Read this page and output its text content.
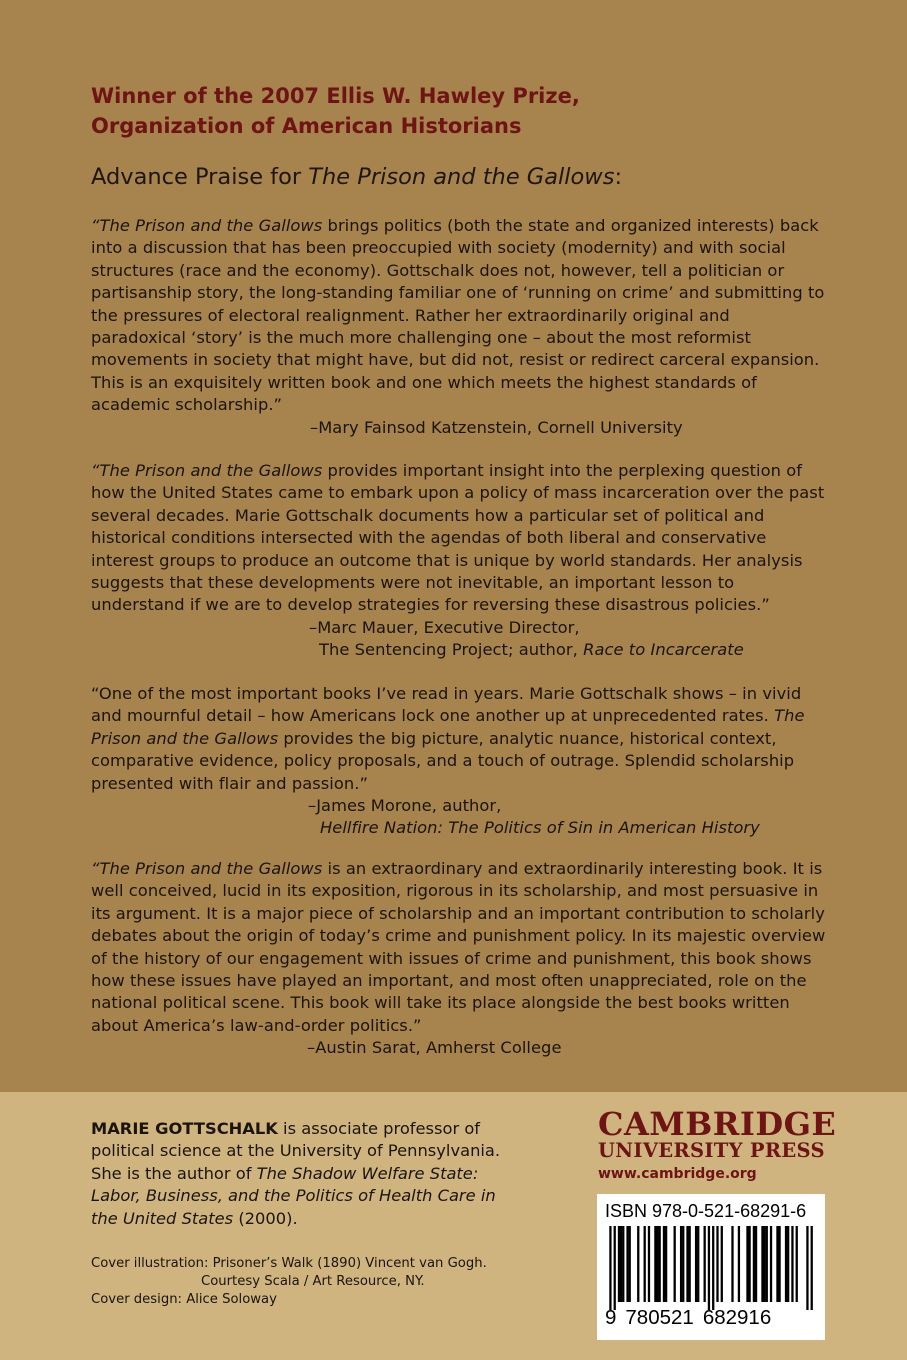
Winner of the 2007 Ellis W. Hawley Prize,
Organization of American Historians
Advance Praise for The Prison and the Gallows:

“The Prison and the Gallows brings politics (both the state and organized interests) back into a discussion that has been preoccupied with society (modernity) and with social structures (race and the economy). Gottschalk does not, however, tell a politician or partisanship story, the long-standing familiar one of ‘running on crime’ and submitting to the pressures of electoral realignment. Rather her extraordinarily original and paradoxical ‘story’ is the much more challenging one – about the most reformist movements in society that might have, but did not, resist or redirect carceral expansion. This is an exquisitely written book and one which meets the highest standards of academic scholarship.”

–Mary Fainsod Katzenstein, Cornell University

“The Prison and the Gallows provides important insight into the perplexing question of how the United States came to embark upon a policy of mass incarceration over the past several decades. Marie Gottschalk documents how a particular set of political and historical conditions intersected with the agendas of both liberal and conservative interest groups to produce an outcome that is unique by world standards. Her analysis suggests that these developments were not inevitable, an important lesson to understand if we are to develop strategies for reversing these disastrous policies.”

–Marc Mauer, Executive Director,
The Sentencing Project; author, Race to Incarcerate

“One of the most important books I’ve read in years. Marie Gottschalk shows – in vivid and mournful detail – how Americans lock one another up at unprecedented rates. The Prison and the Gallows provides the big picture, analytic nuance, historical context, comparative evidence, policy proposals, and a touch of outrage. Splendid scholarship presented with flair and passion.”

–James Morone, author,
Hellfire Nation: The Politics of Sin in American History

“The Prison and the Gallows is an extraordinary and extraordinarily interesting book. It is well conceived, lucid in its exposition, rigorous in its scholarship, and most persuasive in its argument. It is a major piece of scholarship and an important contribution to scholarly debates about the origin of today’s crime and punishment policy. In its majestic overview of the history of our engagement with issues of crime and punishment, this book shows how these issues have played an important, and most often unappreciated, role on the national political scene. This book will take its place alongside the best books written about America’s law-and-order politics.”

–Austin Sarat, Amherst College
MARIE GOTTSCHALK is associate professor of political science at the University of Pennsylvania. She is the author of The Shadow Welfare State: Labor, Business, and the Politics of Health Care in the United States (2000).
Cover illustration: Prisoner’s Walk (1890) Vincent van Gogh.
Courtesy Scala / Art Resource, NY.
Cover design: Alice Soloway
CAMBRIDGE
UNIVERSITY PRESS
www.cambridge.org
ISBN 978-0-521-68291-6
9 780521 682916
